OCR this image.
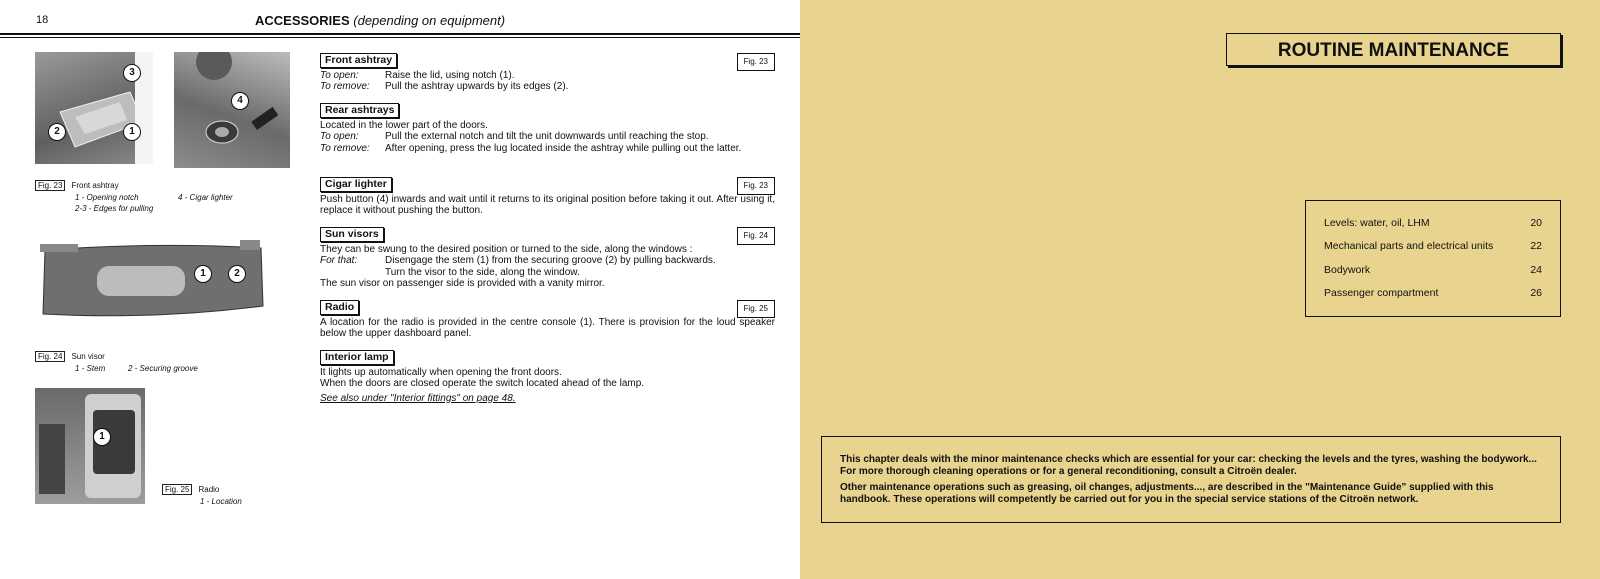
18	ACCESSORIES (depending on equipment)
3
2	1
4
Fig. 23 Front ashtray
1 - Opening notch
2-3 - Edges for pulling
4 - Cigar lighter
1	2
Fig. 24 Sun visor
1 - Stem	2 - Securing groove
1
Fig. 25 Radio
1 - Location
Front ashtray	Fig. 23
To open:	Raise the lid, using notch (1).
To remove:	Pull the ashtray upwards by its edges (2).
Rear ashtrays
Located in the lower part of the doors.
To open:	Pull the external notch and tilt the unit downwards until reaching the stop.
To remove:	After opening, press the lug located inside the ashtray while pulling out the latter.
Cigar lighter	Fig. 23
Push button (4) inwards and wait until it returns to its original position before taking it out. After using it, replace it without pushing the button.
Sun visors	Fig. 24
They can be swung to the desired position or turned to the side, along the windows :
For that:	Disengage the stem (1) from the securing groove (2) by pulling backwards.
Turn the visor to the side, along the window.
The sun visor on passenger side is provided with a vanity mirror.
Radio	Fig. 25
A location for the radio is provided in the centre console (1). There is provision for the loud speaker below the upper dashboard panel.
Interior lamp
It lights up automatically when opening the front doors.
When the doors are closed operate the switch located ahead of the lamp.
See also under "Interior fittings" on page 48.
ROUTINE MAINTENANCE
Levels: water, oil, LHM	20
Mechanical parts and electrical units	22
Bodywork	24
Passenger compartment	26

This chapter deals with the minor maintenance checks which are essential for your car: checking the levels and the tyres, washing the bodywork... For more thorough cleaning operations or for a general reconditioning, consult a Citroën dealer.

Other maintenance operations such as greasing, oil changes, adjustments..., are described in the "Maintenance Guide" supplied with this handbook. These operations will competently be carried out for you in the special service stations of the Citroën network.
